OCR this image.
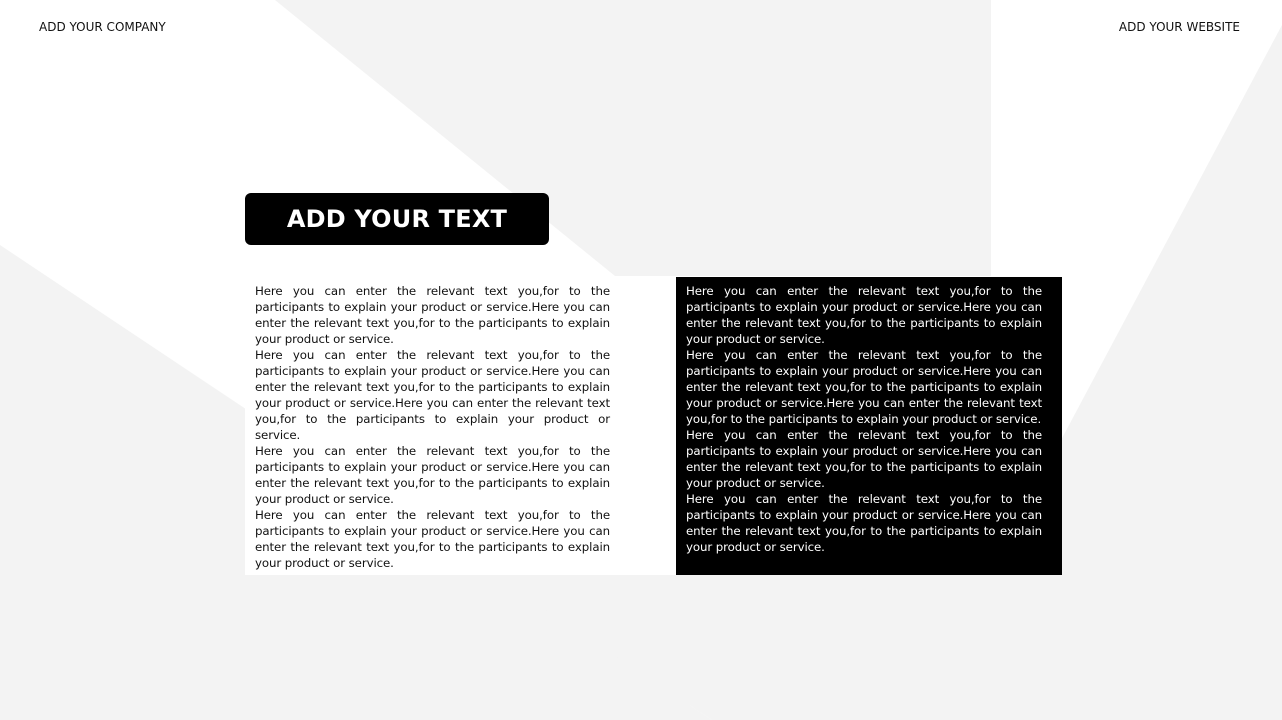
ADD YOUR COMPANY	ADD YOUR WEBSITE
ADD YOUR TEXT

Here you can enter the relevant text you,for to the participants to explain your product or service.Here you can enter the relevant text you,for to the participants to explain your product or service.

Here you can enter the relevant text you,for to the participants to explain your product or service.Here you can enter the relevant text you,for to the participants to explain your product or service.Here you can enter the relevant text you,for to the participants to explain your product or service.

Here you can enter the relevant text you,for to the participants to explain your product or service.Here you can enter the relevant text you,for to the participants to explain your product or service.

Here you can enter the relevant text you,for to the participants to explain your product or service.Here you can enter the relevant text you,for to the participants to explain your product or service.

Here you can enter the relevant text you,for to the participants to explain your product or service.Here you can enter the relevant text you,for to the participants to explain your product or service.

Here you can enter the relevant text you,for to the participants to explain your product or service.Here you can enter the relevant text you,for to the participants to explain your product or service.Here you can enter the relevant text you,for to the participants to explain your product or service.

Here you can enter the relevant text you,for to the participants to explain your product or service.Here you can enter the relevant text you,for to the participants to explain your product or service.

Here you can enter the relevant text you,for to the participants to explain your product or service.Here you can enter the relevant text you,for to the participants to explain your product or service.
